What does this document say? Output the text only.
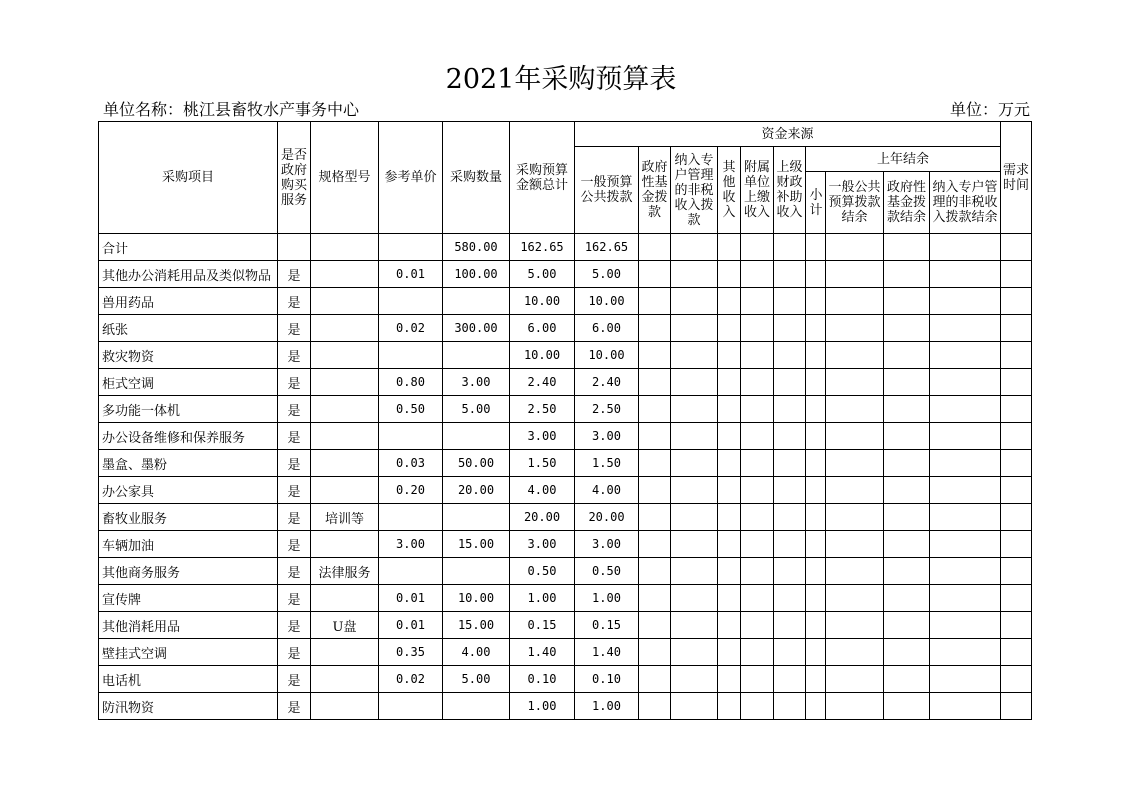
2021年采购预算表
单位名称：桃江县畜牧水产事务中心	单位：万元
采购项目	是否政府购买服务	规格型号	参考单价	采购数量	采购预算金额总计	资金来源										需求时间
						一般预算公共拨款	政府性基金拨款	纳入专户管理的非税收入拨款	其他收入	附属单位上缴收入	上级财政补助收入	上年结余				

												小计	一般公共预算拨款结余	政府性基金拨款结余	纳入专户管理的非税收入拨款结余	
合计				580.00	162.65	162.65										
其他办公消耗用品及类似物品	是		0.01	100.00	5.00	5.00										
兽用药品	是				10.00	10.00										
纸张	是		0.02	300.00	6.00	6.00										
救灾物资	是				10.00	10.00										
柜式空调	是		0.80	3.00	2.40	2.40										
多功能一体机	是		0.50	5.00	2.50	2.50										
办公设备维修和保养服务	是				3.00	3.00										
墨盒、墨粉	是		0.03	50.00	1.50	1.50										
办公家具	是		0.20	20.00	4.00	4.00										
畜牧业服务	是	培训等			20.00	20.00										
车辆加油	是		3.00	15.00	3.00	3.00										
其他商务服务	是	法律服务			0.50	0.50										
宣传牌	是		0.01	10.00	1.00	1.00										
其他消耗用品	是	U盘	0.01	15.00	0.15	0.15										
壁挂式空调	是		0.35	4.00	1.40	1.40										
电话机	是		0.02	5.00	0.10	0.10										
防汛物资	是				1.00	1.00										
